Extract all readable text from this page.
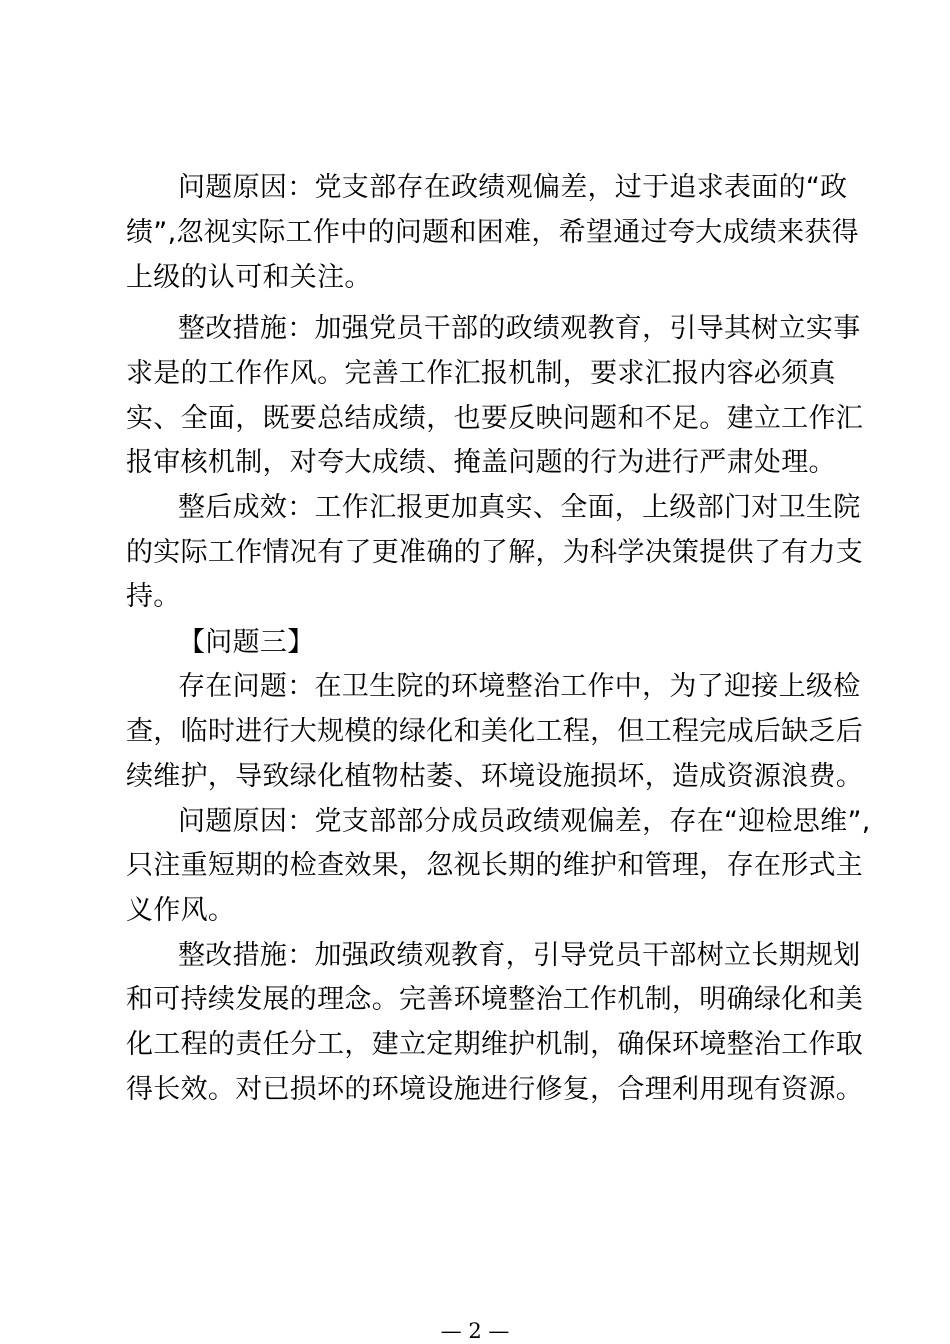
问题原因：党支部存在政绩观偏差，过于追求表面的“政
绩”,忽视实际工作中的问题和困难，希望通过夸大成绩来获得
上级的认可和关注。
整改措施：加强党员干部的政绩观教育，引导其树立实事
求是的工作作风。完善工作汇报机制，要求汇报内容必须真
实、全面，既要总结成绩，也要反映问题和不足。建立工作汇
报审核机制，对夸大成绩、掩盖问题的行为进行严肃处理。
整后成效：工作汇报更加真实、全面，上级部门对卫生院
的实际工作情况有了更准确的了解，为科学决策提供了有力支
持。
【问题三】
存在问题：在卫生院的环境整治工作中，为了迎接上级检
查，临时进行大规模的绿化和美化工程，但工程完成后缺乏后
续维护，导致绿化植物枯萎、环境设施损坏，造成资源浪费。
问题原因：党支部部分成员政绩观偏差，存在“迎检思维”,
只注重短期的检查效果，忽视长期的维护和管理，存在形式主
义作风。
整改措施：加强政绩观教育，引导党员干部树立长期规划
和可持续发展的理念。完善环境整治工作机制，明确绿化和美
化工程的责任分工，建立定期维护机制，确保环境整治工作取
得长效。对已损坏的环境设施进行修复，合理利用现有资源。
— 2 —
